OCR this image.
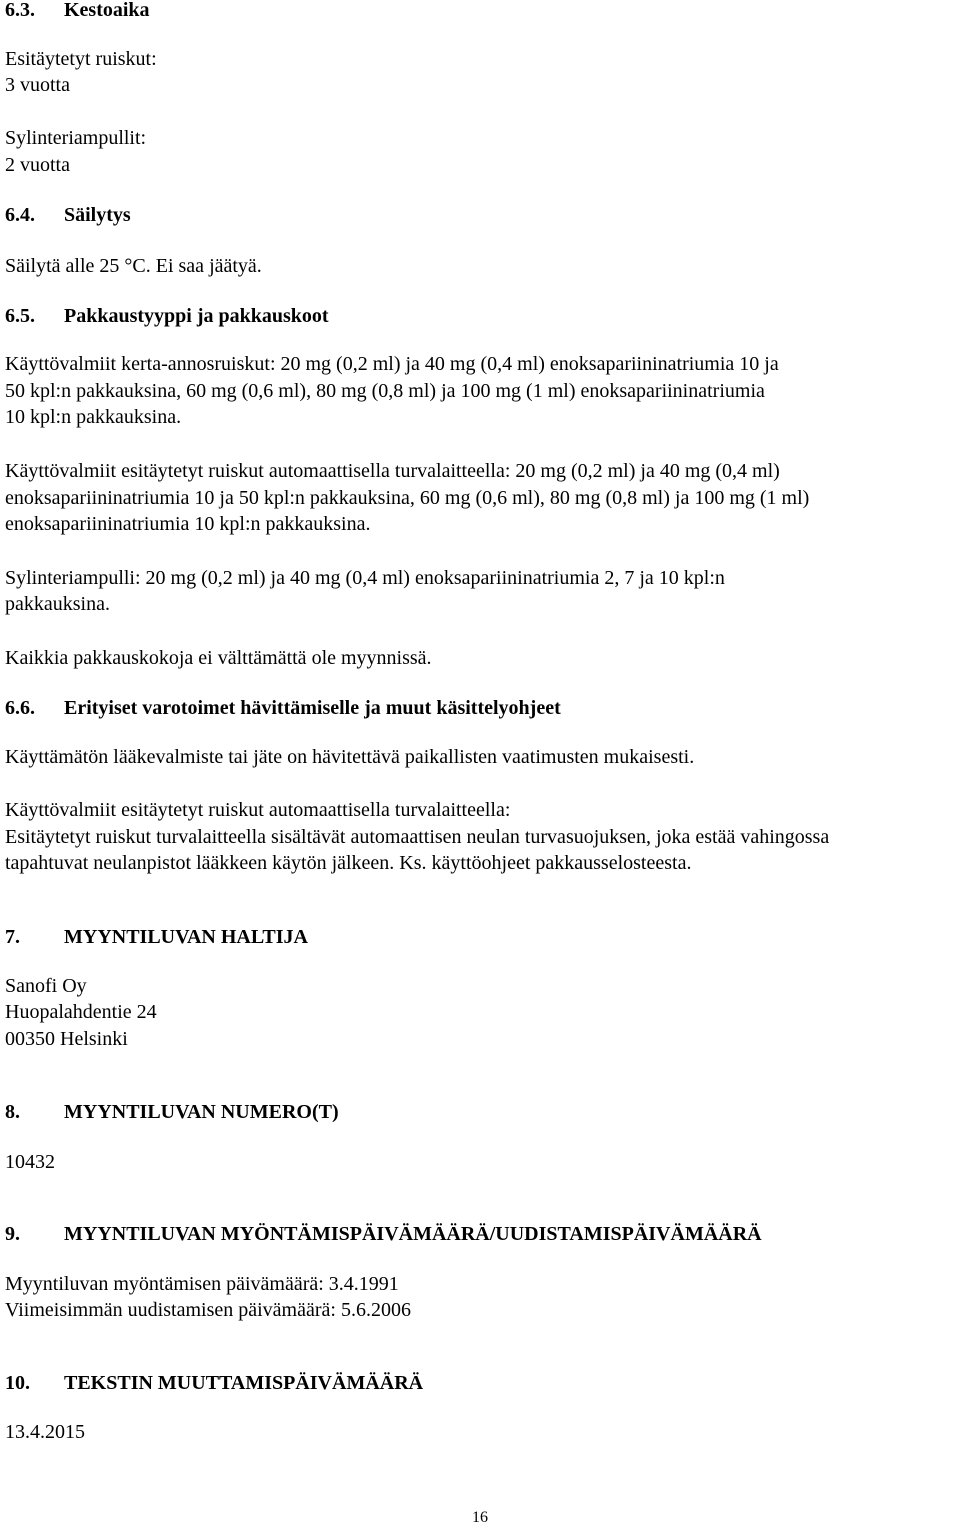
6.3. Kestoaika
Esitäytetyt ruiskut:
3 vuotta
Sylinteriampullit:
2 vuotta
6.4. Säilytys
Säilytä alle 25 °C. Ei saa jäätyä.
6.5. Pakkaustyyppi ja pakkauskoot
Käyttövalmiit kerta-annosruiskut: 20 mg (0,2 ml) ja 40 mg (0,4 ml) enoksapariininatriumia 10 ja
50 kpl:n pakkauksina, 60 mg (0,6 ml), 80 mg (0,8 ml) ja 100 mg (1 ml) enoksapariininatriumia
10 kpl:n pakkauksina.
Käyttövalmiit esitäytetyt ruiskut automaattisella turvalaitteella: 20 mg (0,2 ml) ja 40 mg (0,4 ml)
enoksapariininatriumia 10 ja 50 kpl:n pakkauksina, 60 mg (0,6 ml), 80 mg (0,8 ml) ja 100 mg (1 ml)
enoksapariininatriumia 10 kpl:n pakkauksina.
Sylinteriampulli: 20 mg (0,2 ml) ja 40 mg (0,4 ml) enoksapariininatriumia 2, 7 ja 10 kpl:n
pakkauksina.
Kaikkia pakkauskokoja ei välttämättä ole myynnissä.
6.6. Erityiset varotoimet hävittämiselle ja muut käsittelyohjeet
Käyttämätön lääkevalmiste tai jäte on hävitettävä paikallisten vaatimusten mukaisesti.
Käyttövalmiit esitäytetyt ruiskut automaattisella turvalaitteella:
Esitäytetyt ruiskut turvalaitteella sisältävät automaattisen neulan turvasuojuksen, joka estää vahingossa
tapahtuvat neulanpistot lääkkeen käytön jälkeen. Ks. käyttöohjeet pakkausselosteesta.
7. MYYNTILUVAN HALTIJA
Sanofi Oy
Huopalahdentie 24
00350 Helsinki
8. MYYNTILUVAN NUMERO(T)
10432
9. MYYNTILUVAN MYÖNTÄMISPÄIVÄMÄÄRÄ/UUDISTAMISPÄIVÄMÄÄRÄ
Myyntiluvan myöntämisen päivämäärä: 3.4.1991
Viimeisimmän uudistamisen päivämäärä: 5.6.2006
10. TEKSTIN MUUTTAMISPÄIVÄMÄÄRÄ
13.4.2015
16
